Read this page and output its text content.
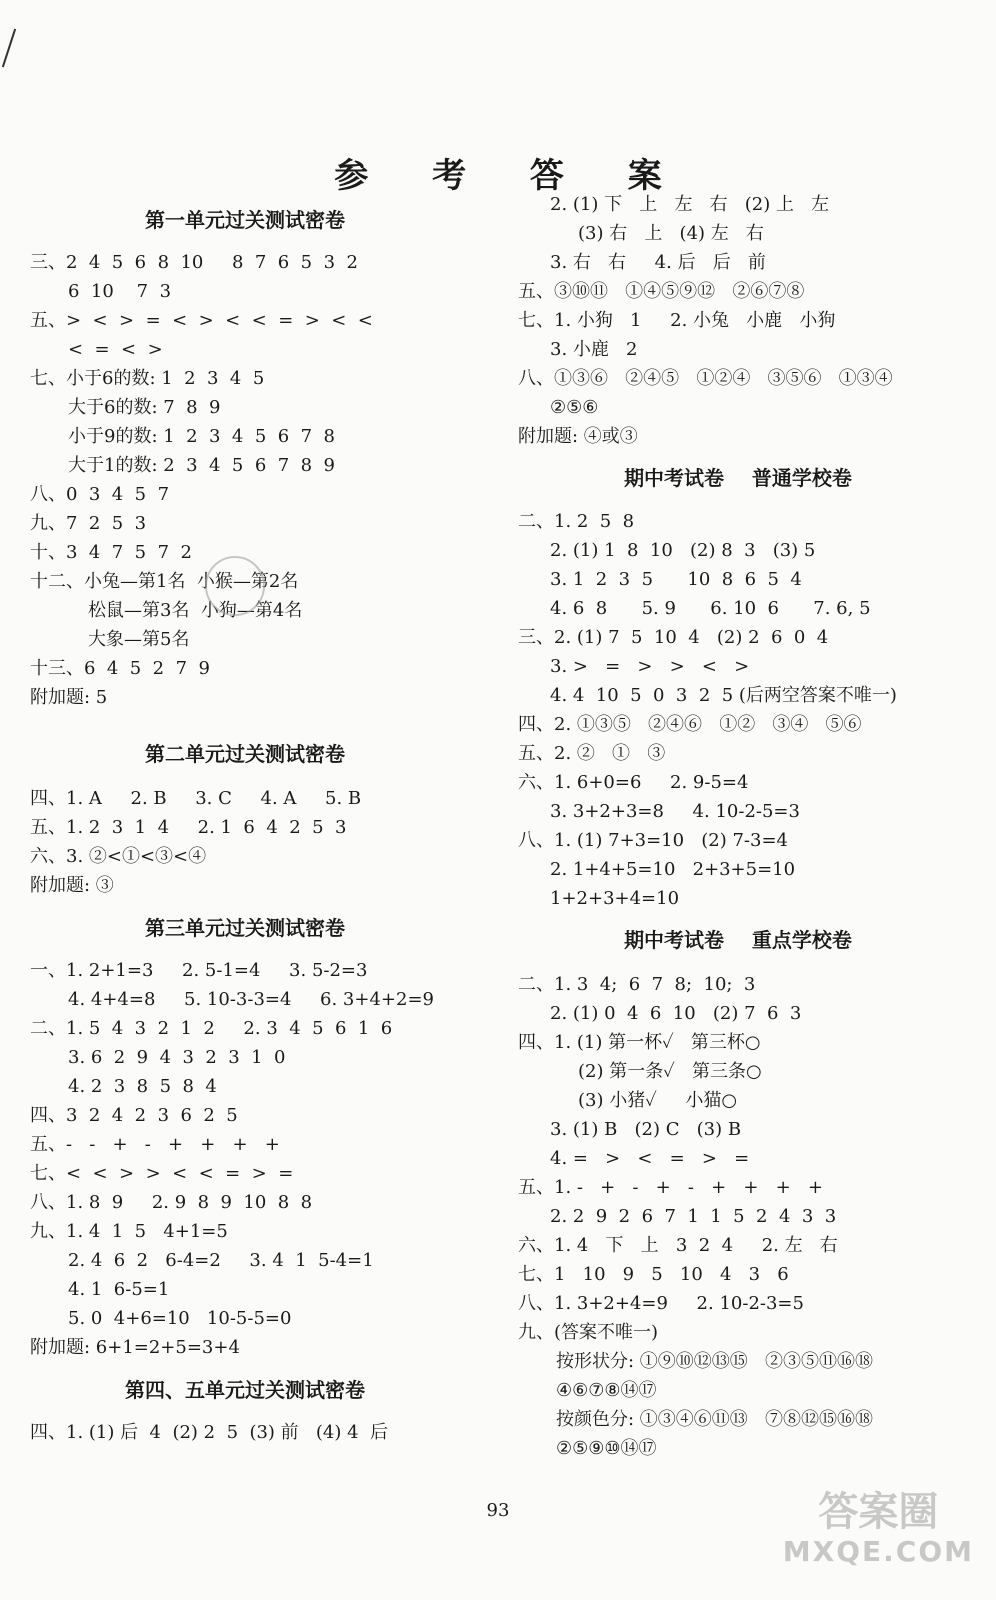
参 考 答 案
第一单元过关测试密卷
三、2  4  5  6  8  10     8  7  6  5  3  2
6  10    7  3
五、>  <  >  =  <  >  <  <  =  >  <  <
<  =  <  >
七、小于6的数: 1  2  3  4  5
大于6的数: 7  8  9
小于9的数: 1  2  3  4  5  6  7  8
大于1的数: 2  3  4  5  6  7  8  9
八、0  3  4  5  7
九、7  2  5  3
十、3  4  7  5  7  2
十二、小兔—第1名  小猴—第2名
松鼠—第3名  小狗—第4名
大象—第5名
十三、6  4  5  2  7  9
附加题: 5
第二单元过关测试密卷
四、1. A     2. B     3. C     4. A     5. B
五、1. 2  3  1  4     2. 1  6  4  2  5  3
六、3. ②<①<③<④
附加题: ③
第三单元过关测试密卷
一、1. 2+1=3     2. 5-1=4     3. 5-2=3
4. 4+4=8     5. 10-3-3=4     6. 3+4+2=9
二、1. 5  4  3  2  1  2     2. 3  4  5  6  1  6
3. 6  2  9  4  3  2  3  1  0
4. 2  3  8  5  8  4
四、3  2  4  2  3  6  2  5
五、-   -   +   -   +   +   +   +
七、<  <  >  >  <  <  =  >  =
八、1. 8  9     2. 9  8  9  10  8  8
九、1. 4  1  5   4+1=5
2. 4  6  2   6-4=2     3. 4  1  5-4=1
4. 1  6-5=1
5. 0  4+6=10   10-5-5=0
附加题: 6+1=2+5=3+4
第四、五单元过关测试密卷
四、1. (1) 后  4  (2) 2  5  (3) 前   (4) 4  后
2. (1) 下   上   左   右   (2) 上   左
(3) 右   上   (4) 左   右
3. 右   右     4. 后   后   前
五、③⑩⑪   ①④⑤⑨⑫   ②⑥⑦⑧
七、1. 小狗   1     2. 小兔   小鹿   小狗
3. 小鹿   2
八、①③⑥   ②④⑤   ①②④   ③⑤⑥   ①③④
②⑤⑥
附加题: ④或③
期中考试卷    普通学校卷
二、1. 2  5  8
2. (1) 1  8  10   (2) 8  3   (3) 5
3. 1  2  3  5      10  8  6  5  4
4. 6  8      5. 9      6. 10  6      7. 6, 5
三、2. (1) 7  5  10  4   (2) 2  6  0  4
3. >   =   >   >   <   >
4. 4  10  5  0  3  2  5 (后两空答案不唯一)
四、2. ①③⑤   ②④⑥   ①②   ③④   ⑤⑥
五、2. ②   ①   ③
六、1. 6+0=6     2. 9-5=4
3. 3+2+3=8     4. 10-2-5=3
八、1. (1) 7+3=10   (2) 7-3=4
2. 1+4+5=10   2+3+5=10
1+2+3+4=10
期中考试卷    重点学校卷
二、1. 3  4;  6  7  8;  10;  3
2. (1) 0  4  6  10   (2) 7  6  3
四、1. (1) 第一杯✓   第三杯○
(2) 第一条✓   第三条○
(3) 小猪✓     小猫○
3. (1) B   (2) C   (3) B
4. =   >   <   =   >   =
五、1. -   +   -   +   -   +   +   +   +
2. 2  9  2  6  7  1  1  5  2  4  3  3
六、1. 4   下   上   3  2  4     2. 左   右
七、1   10   9   5   10   4   3   6
八、1. 3+2+4=9     2. 10-2-3=5
九、(答案不唯一)
按形状分: ①⑨⑩⑫⑬⑮   ②③⑤⑪⑯⑱
④⑥⑦⑧⑭⑰
按颜色分: ①③④⑥⑪⑬   ⑦⑧⑫⑮⑯⑱
②⑤⑨⑩⑭⑰
93	答案圈
MXQE.COM
